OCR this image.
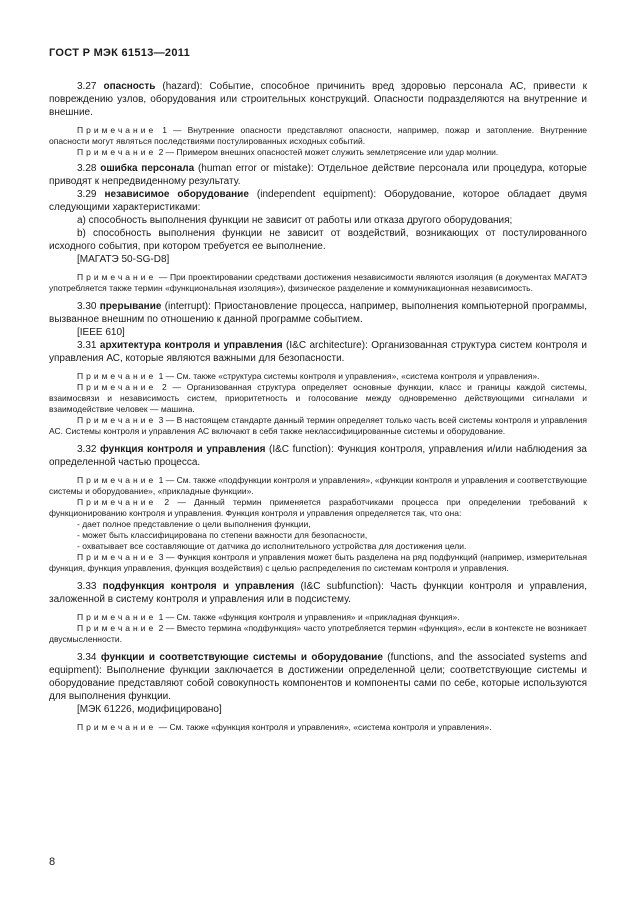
ГОСТ Р МЭК 61513—2011

3.27 опасность (hazard): Событие, способное причинить вред здоровью персонала АС, привести к повреждению узлов, оборудования или строительных конструкций. Опасности подразделяются на внутренние и внешние.

Примечание 1 — Внутренние опасности представляют опасности, например, пожар и затопление. Внутренние опасности могут являться последствиями постулированных исходных событий.

Примечание 2 — Примером внешних опасностей может служить землетрясение или удар молнии.

3.28 ошибка персонала (human error or mistake): Отдельное действие персонала или процедура, которые приводят к непредвиденному результату.

3.29 независимое оборудование (independent equipment): Оборудование, которое обладает двумя следующими характеристиками:

а) способность выполнения функции не зависит от работы или отказа другого оборудования;

b) способность выполнения функции не зависит от воздействий, возникающих от постулированного исходного события, при котором требуется ее выполнение.

[МАГАТЭ 50-SG-D8]

Примечание — При проектировании средствами достижения независимости являются изоляция (в документах МАГАТЭ употребляется также термин «функциональная изоляция»), физическое разделение и коммуникационная независимость.

3.30 прерывание (interrupt): Приостановление процесса, например, выполнения компьютерной программы, вызванное внешним по отношению к данной программе событием.

[IEEE 610]

3.31 архитектура контроля и управления (I&C architecture): Организованная структура систем контроля и управления АС, которые являются важными для безопасности.

Примечание 1 — См. также «структура системы контроля и управления», «система контроля и управления».

Примечание 2 — Организованная структура определяет основные функции, класс и границы каждой системы, взаимосвязи и независимость систем, приоритетность и голосование между одновременно действующими сигналами и взаимодействие человек — машина.

Примечание 3 — В настоящем стандарте данный термин определяет только часть всей системы контроля и управления АС. Системы контроля и управления АС включают в себя также неклассифицированные системы и оборудование.

3.32 функция контроля и управления (I&C function): Функция контроля, управления и/или наблюдения за определенной частью процесса.

Примечание 1 — См. также «подфункции контроля и управления», «функции контроля и управления и соответствующие системы и оборудование», «прикладные функции».

Примечание 2 — Данный термин применяется разработчиками процесса при определении требований к функционированию контроля и управления. Функция контроля и управления определяется так, что она:

- дает полное представление о цели выполнения функции,

- может быть классифицирована по степени важности для безопасности,

- охватывает все составляющие от датчика до исполнительного устройства для достижения цели.

Примечание 3 — Функция контроля и управления может быть разделена на ряд подфункций (например, измерительная функция, функция управления, функция воздействия) с целью распределения по системам контроля и управления.

3.33 подфункция контроля и управления (I&C subfunction): Часть функции контроля и управления, заложенной в систему контроля и управления или в подсистему.

Примечание 1 — См. также «функция контроля и управления» и «прикладная функция».

Примечание 2 — Вместо термина «подфункция» часто употребляется термин «функция», если в контексте не возникает двусмысленности.

3.34 функции и соответствующие системы и оборудование (functions, and the associated systems and equipment): Выполнение функции заключается в достижении определенной цели; соответствующие системы и оборудование представляют собой совокупность компонентов и компоненты сами по себе, которые используются для выполнения функции.

[МЭК 61226, модифицировано]

Примечание — См. также «функция контроля и управления», «система контроля и управления».

8
